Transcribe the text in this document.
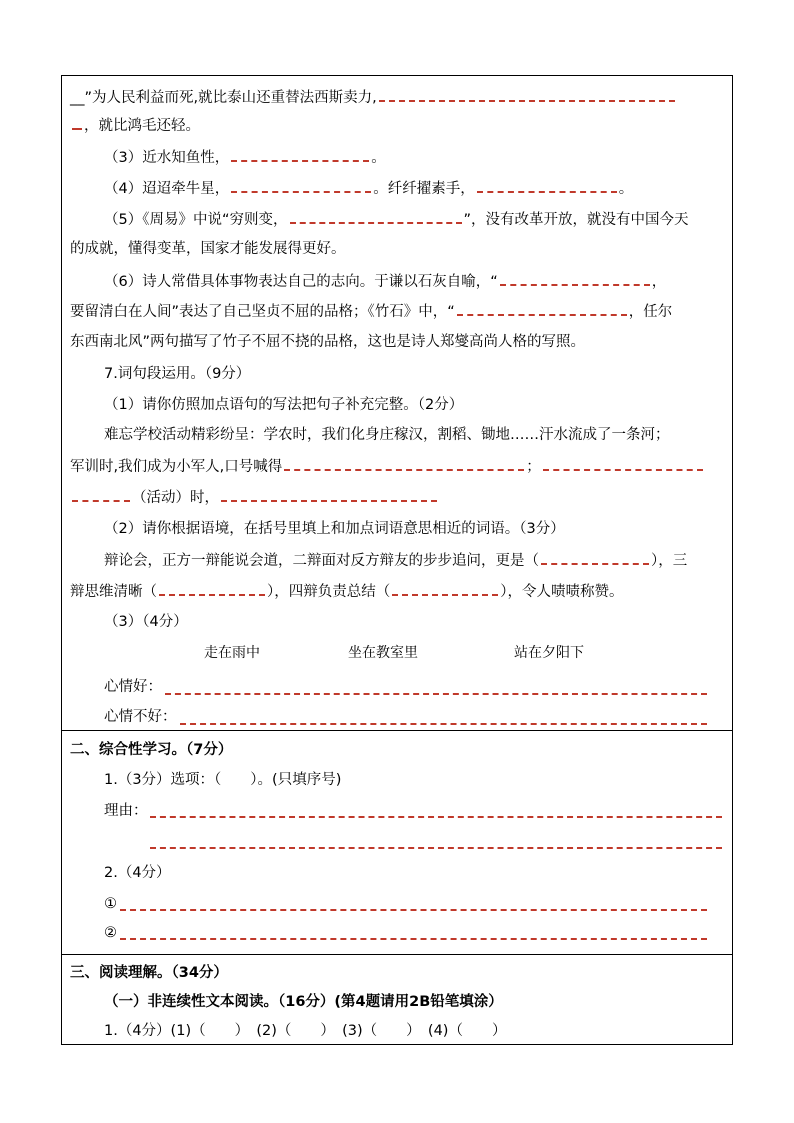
__”为人民利益而死,就比泰山还重替法西斯卖力,
，就比鸿毛还轻。
（3）近水知鱼性，	。
（4）迢迢牵牛星，	。纤纤擢素手，	。
（5）《周易》中说“穷则变，	”，没有改革开放，就没有中国今天
的成就，懂得变革，国家才能发展得更好。
（6）诗人常借具体事物表达自己的志向。于谦以石灰自喻，“	，
要留清白在人间”表达了自己坚贞不屈的品格；《竹石》中，“	，任尔
东西南北风”两句描写了竹子不屈不挠的品格，这也是诗人郑燮高尚人格的写照。
7.词句段运用。（9分）
（1）请你仿照加点语句的写法把句子补充完整。（2分）
难忘学校活动精彩纷呈：学农时，我们化身庄稼汉，割稻、锄地……汗水流成了一条河；
军训时,我们成为小军人,口号喊得	；
（活动）时，
（2）请你根据语境，在括号里填上和加点词语意思相近的词语。（3分）
辩论会，正方一辩能说会道，二辩面对反方辩友的步步追问，更是（	），三
辩思维清晰（	），四辩负责总结（	），令人啧啧称赞。
（3）（4分）
走在雨中	坐在教室里	站在夕阳下
心情好：
心情不好：
二、综合性学习。（7分）
1.（3分）选项：（　　）。(只填序号)
理由：
2.（4分）
①
②
三、阅读理解。（34分）
（一）非连续性文本阅读。（16分）(第4题请用2B铅笔填涂）
1.（4分）(1)（　　）　(2)（　　）　(3)（　　）　(4)（　　）
